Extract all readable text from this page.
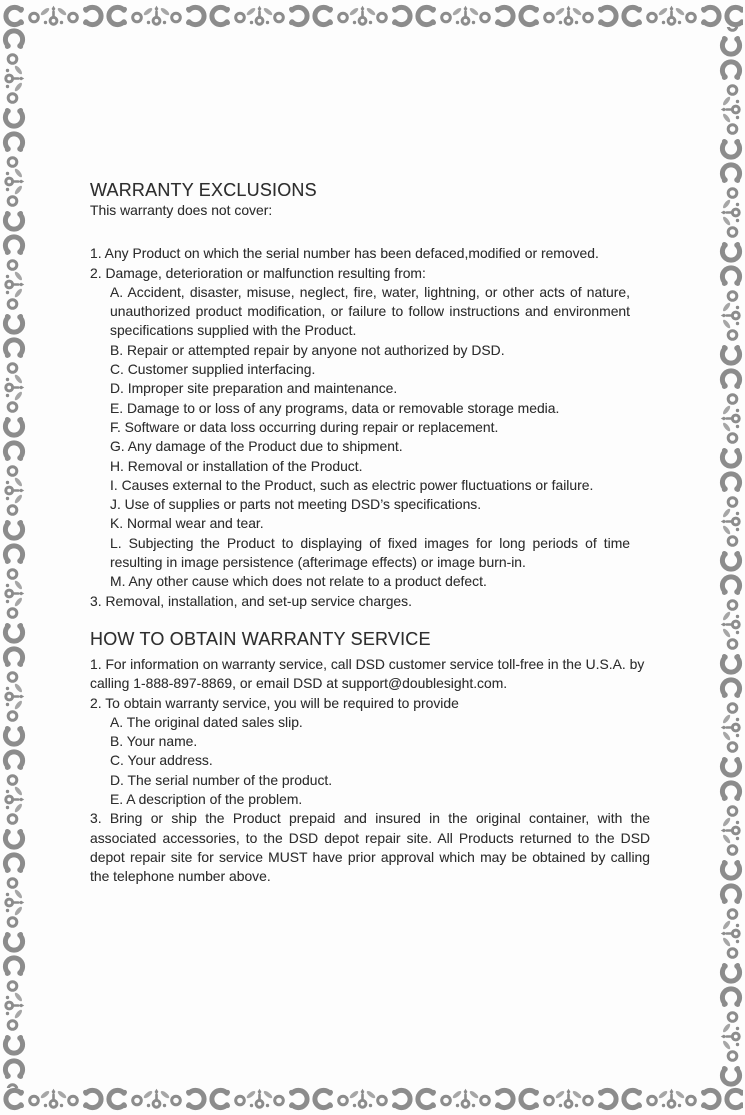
WARRANTY EXCLUSIONS

This warranty does not cover:

1. Any Product on which the serial number has been defaced,modified or removed.

2. Damage, deterioration or malfunction resulting from:

A. Accident, disaster, misuse, neglect, fire, water, lightning, or other acts of nature, unauthorized product modification, or failure to follow instructions and environment specifications supplied with the Product.

B. Repair or attempted repair by anyone not authorized by DSD.

C. Customer supplied interfacing.

D. Improper site preparation and maintenance.

E. Damage to or loss of any programs, data or removable storage media.

F. Software or data loss occurring during repair or replacement.

G. Any damage of the Product due to shipment.

H. Removal or installation of the Product.

I. Causes external to the Product, such as electric power fluctuations or failure.

J. Use of supplies or parts not meeting DSD’s specifications.

K. Normal wear and tear.

L. Subjecting the Product to displaying of fixed images for long periods of time resulting in image persistence (afterimage effects) or image burn-in.

M. Any other cause which does not relate to a product defect.

3. Removal, installation, and set-up service charges.

HOW TO OBTAIN WARRANTY SERVICE

1. For information on warranty service, call DSD customer service toll-free in the U.S.A. by calling 1-888-897-8869, or email DSD at support@doublesight.com.

2. To obtain warranty service, you will be required to provide

A. The original dated sales slip.

B. Your name.

C. Your address.

D. The serial number of the product.

E. A description of the problem.

3. Bring or ship the Product prepaid and insured in the original container, with the associated accessories, to the DSD depot repair site. All Products returned to the DSD depot repair site for service MUST have prior approval which may be obtained by calling the telephone number above.
